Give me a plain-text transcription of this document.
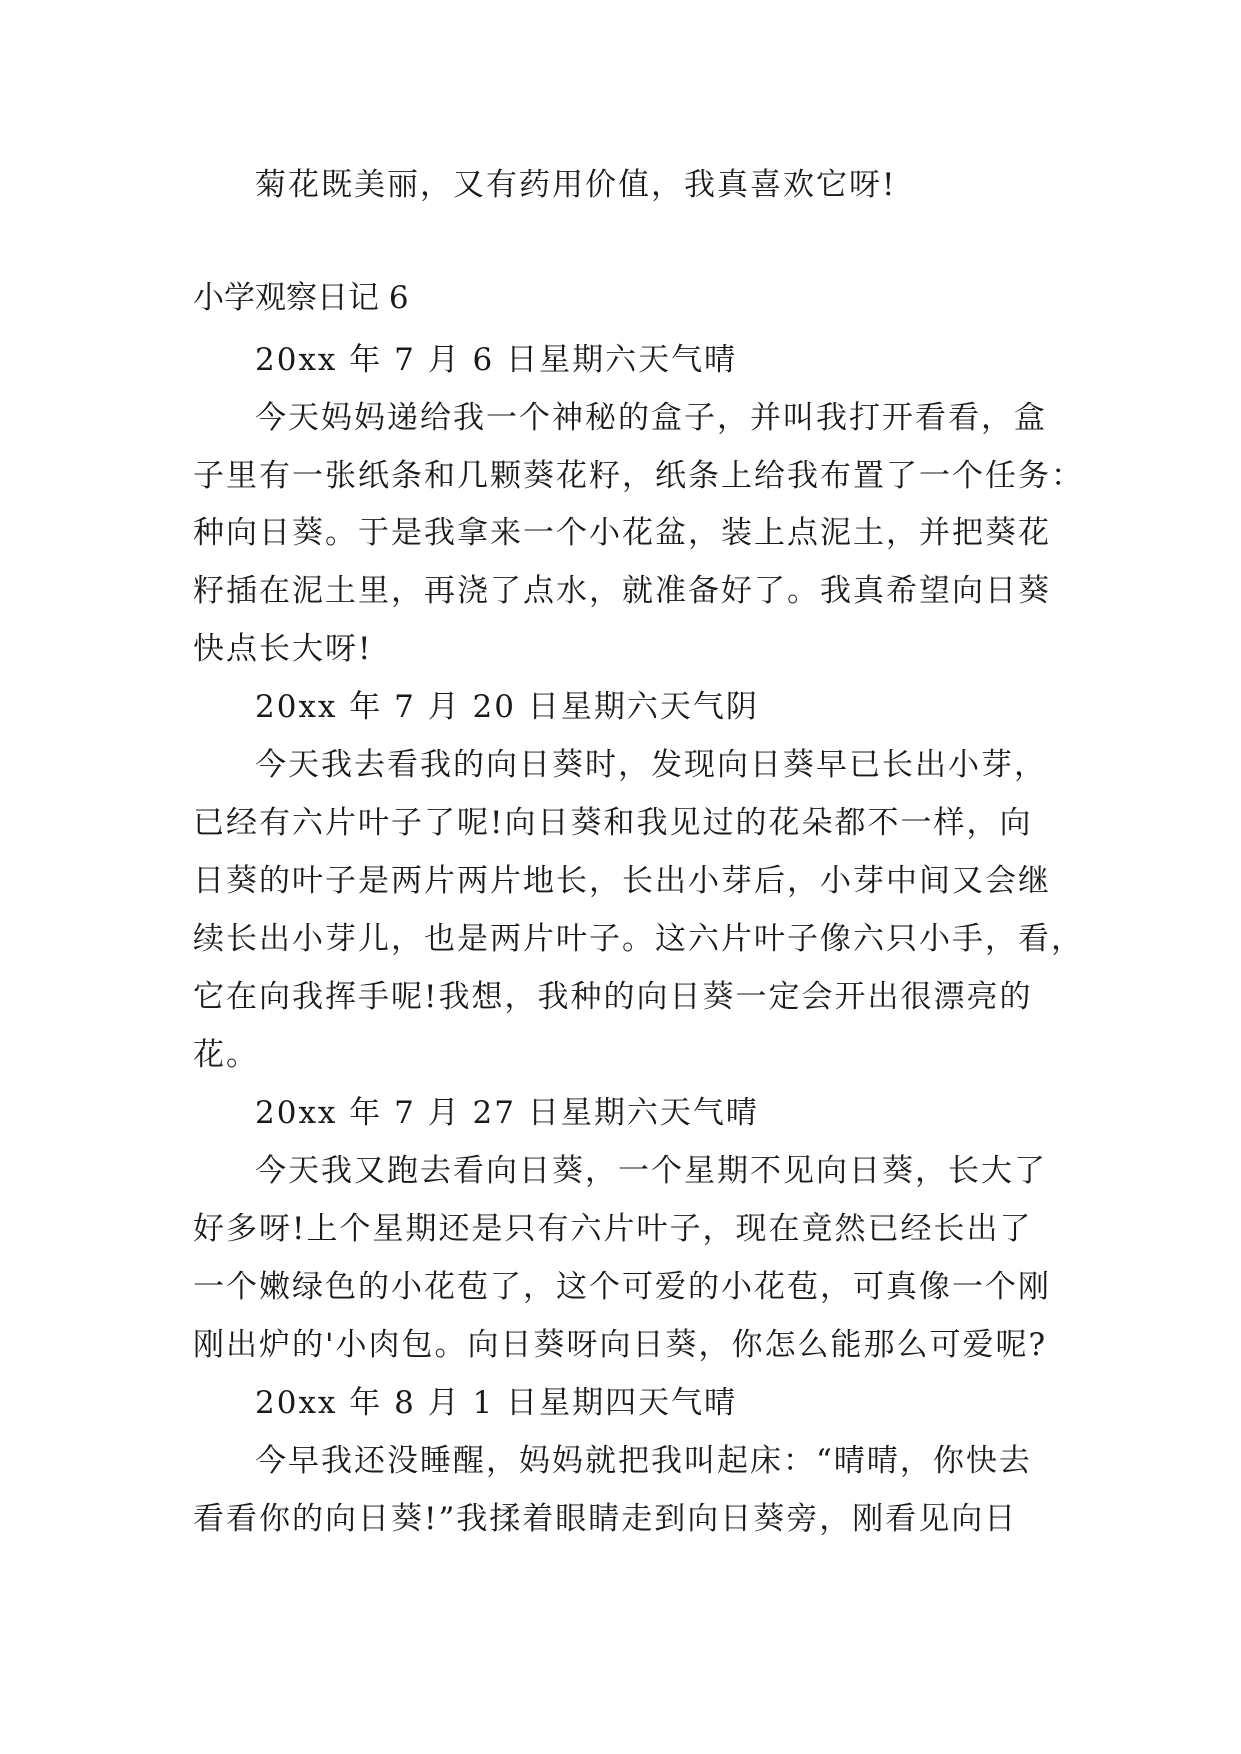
菊花既美丽，又有药用价值，我真喜欢它呀!

小学观察日记 6

20xx 年 7 月 6 日星期六天气晴

今天妈妈递给我一个神秘的盒子，并叫我打开看看，盒

子里有一张纸条和几颗葵花籽，纸条上给我布置了一个任务：

种向日葵。于是我拿来一个小花盆，装上点泥土，并把葵花

籽插在泥土里，再浇了点水，就准备好了。我真希望向日葵

快点长大呀!

20xx 年 7 月 20 日星期六天气阴

今天我去看我的向日葵时，发现向日葵早已长出小芽，

已经有六片叶子了呢!向日葵和我见过的花朵都不一样，向

日葵的叶子是两片两片地长，长出小芽后，小芽中间又会继

续长出小芽儿，也是两片叶子。这六片叶子像六只小手，看，

它在向我挥手呢!我想，我种的向日葵一定会开出很漂亮的

花。

20xx 年 7 月 27 日星期六天气晴

今天我又跑去看向日葵，一个星期不见向日葵，长大了

好多呀!上个星期还是只有六片叶子，现在竟然已经长出了

一个嫩绿色的小花苞了，这个可爱的小花苞，可真像一个刚

刚出炉的'小肉包。向日葵呀向日葵，你怎么能那么可爱呢?

20xx 年 8 月 1 日星期四天气晴

今早我还没睡醒，妈妈就把我叫起床：“晴晴，你快去

看看你的向日葵!”我揉着眼睛走到向日葵旁，刚看见向日
